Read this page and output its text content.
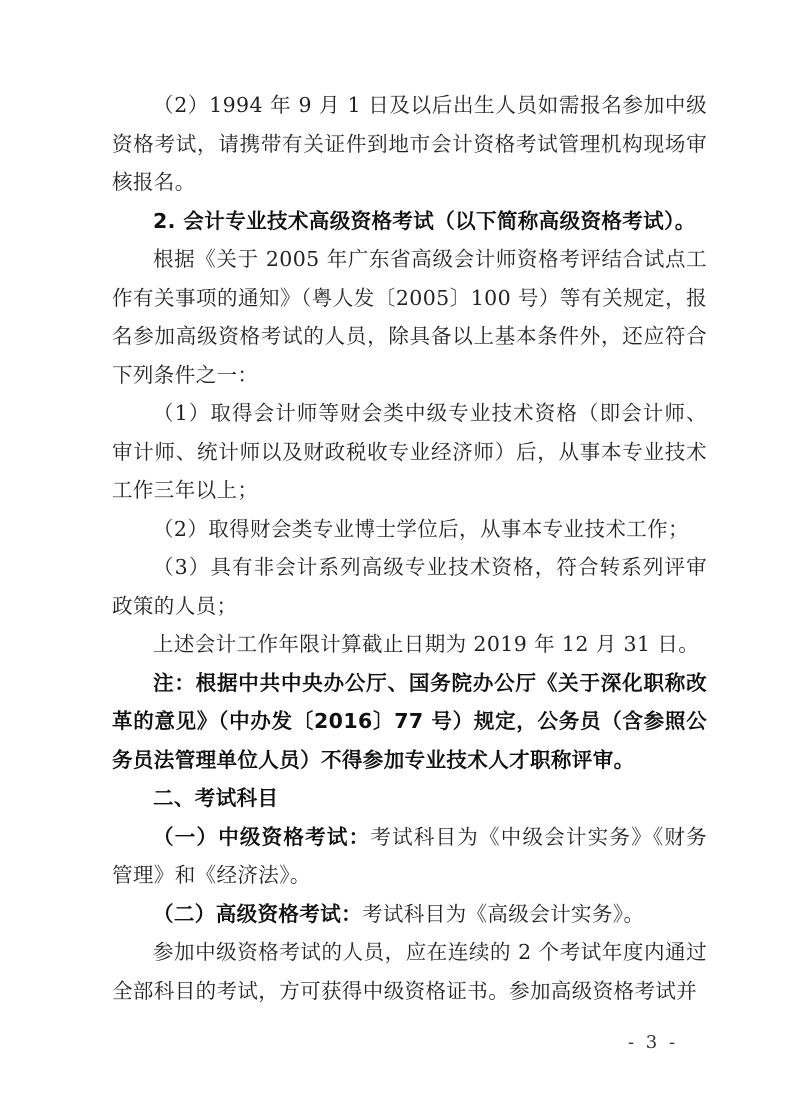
（2）1994 年 9 月 1 日及以后出生人员如需报名参加中级资格考试，请携带有关证件到地市会计资格考试管理机构现场审核报名。

2. 会计专业技术高级资格考试（以下简称高级资格考试）。

根据《关于 2005 年广东省高级会计师资格考评结合试点工作有关事项的通知》（粤人发〔2005〕100 号）等有关规定，报名参加高级资格考试的人员，除具备以上基本条件外，还应符合下列条件之一：

（1）取得会计师等财会类中级专业技术资格（即会计师、审计师、统计师以及财政税收专业经济师）后，从事本专业技术工作三年以上；

（2）取得财会类专业博士学位后，从事本专业技术工作；

（3）具有非会计系列高级专业技术资格，符合转系列评审政策的人员；

上述会计工作年限计算截止日期为 2019 年 12 月 31 日。

注：根据中共中央办公厅、国务院办公厅《关于深化职称改革的意见》（中办发〔2016〕77 号）规定，公务员（含参照公务员法管理单位人员）不得参加专业技术人才职称评审。

二、考试科目

（一）中级资格考试：考试科目为《中级会计实务》《财务管理》和《经济法》。

（二）高级资格考试：考试科目为《高级会计实务》。

参加中级资格考试的人员，应在连续的 2 个考试年度内通过全部科目的考试，方可获得中级资格证书。参加高级资格考试并

- 3 -
